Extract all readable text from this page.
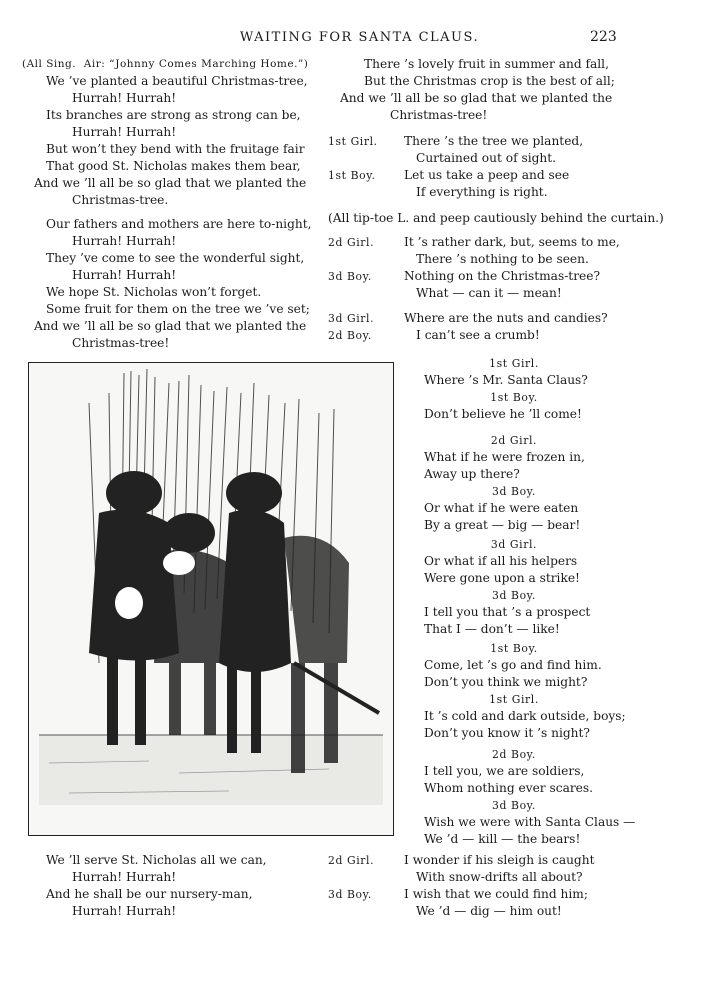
WAITING FOR SANTA CLAUS.	223
(All Sing. Air: “Johnny Comes Marching Home.”)
We ’ve planted a beautiful Christmas-tree,
Hurrah! Hurrah!
Its branches are strong as strong can be,
Hurrah! Hurrah!
But won’t they bend with the fruitage fair
That good St. Nicholas makes them bear,
And we ’ll all be so glad that we planted the
Christmas-tree.
Our fathers and mothers are here to-night,
Hurrah! Hurrah!
They ’ve come to see the wonderful sight,
Hurrah! Hurrah!
We hope St. Nicholas won’t forget.
Some fruit for them on the tree we ’ve set;
And we ’ll all be so glad that we planted the
Christmas-tree!
We ’ll serve St. Nicholas all we can,
Hurrah! Hurrah!
And he shall be our nursery-man,
Hurrah! Hurrah!
There ’s lovely fruit in summer and fall,
But the Christmas crop is the best of all;
And we ’ll all be so glad that we planted the
Christmas-tree!
1st Girl. There ’s the tree we planted,
Curtained out of sight.
1st Boy. Let us take a peep and see
If everything is right.
(All tip-toe L. and peep cautiously behind the curtain.)
2d Girl. It ’s rather dark, but, seems to me,
There ’s nothing to be seen.
3d Boy.	Nothing on the Christmas-tree?
What — can it — mean!
3d Girl. Where are the nuts and candies?
2d Boy.	I can’t see a crumb!
1st Girl.
Where ’s Mr. Santa Claus?
1st Boy.
Don’t believe he ’ll come!
2d Girl.
What if he were frozen in,
Away up there?
3d Boy.
Or what if he were eaten
By a great — big — bear!
3d Girl.
Or what if all his helpers
Were gone upon a strike!
3d Boy.
I tell you that ’s a prospect
That I — don’t — like!
1st Boy.
Come, let ’s go and find him.
Don’t you think we might?
1st Girl.
It ’s cold and dark outside, boys;
Don’t you know it ’s night?
2d Boy.
I tell you, we are soldiers,
Whom nothing ever scares.
3d Boy.
Wish we were with Santa Claus —
We ’d — kill — the bears!
2d Girl. I wonder if his sleigh is caught
With snow-drifts all about?
3d Boy.	I wish that we could find him;
We ’d — dig — him out!
